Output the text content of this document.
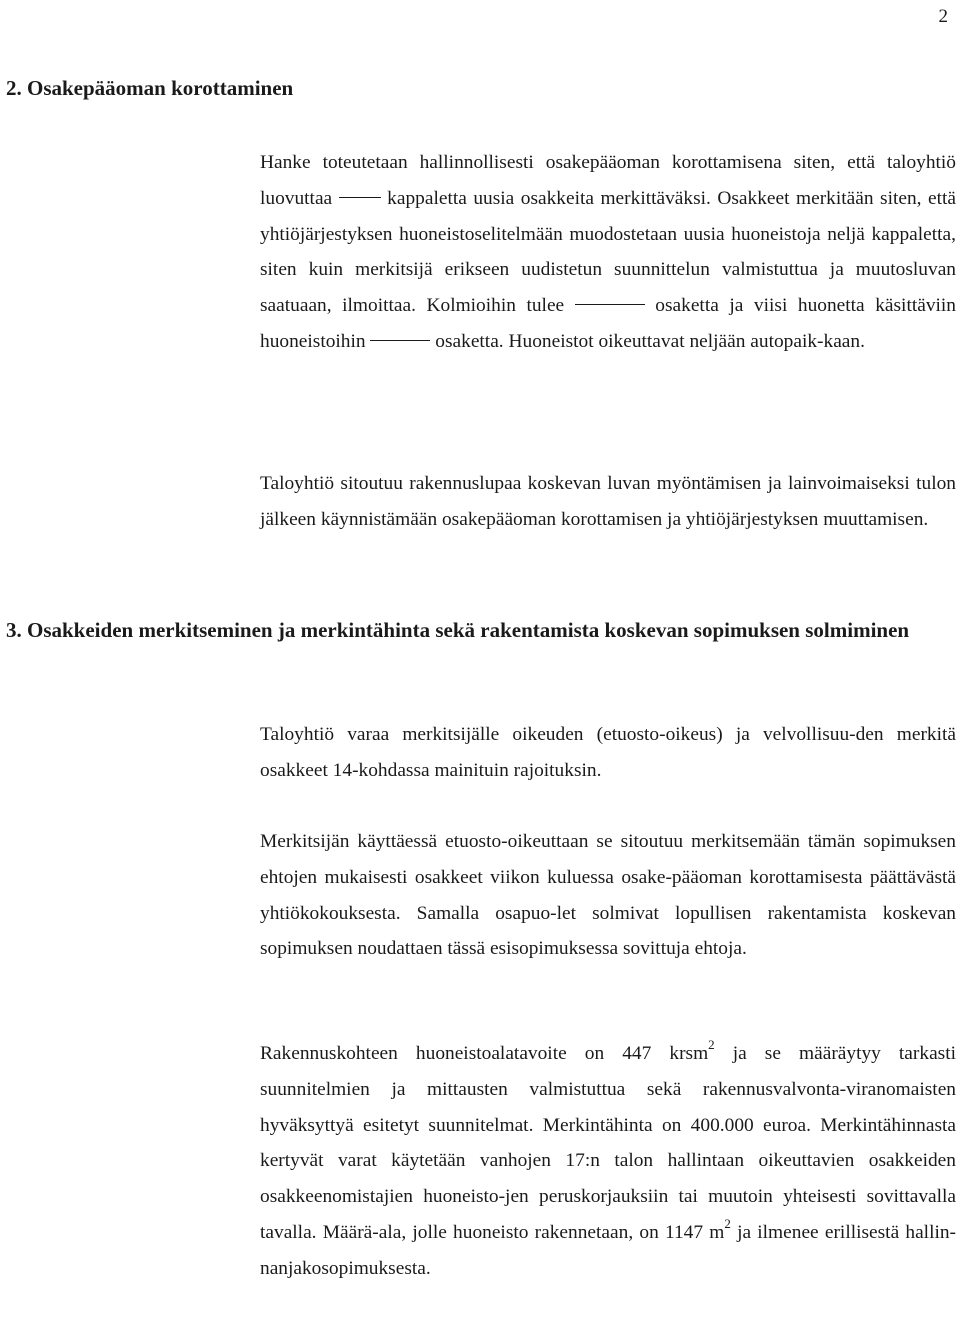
2
2. Osakepääoman korottaminen

Hanke toteutetaan hallinnollisesti osakepääoman korottamisena siten, että taloyhtiö luovuttaa  kappaletta uusia osakkeita merkittäväksi. Osakkeet merkitään siten, että yhtiöjärjestyksen huoneistoselitelmään muodostetaan uusia huoneistoja neljä kappaletta, siten kuin merkitsijä erikseen uudistetun suunnittelun valmistuttua ja muutosluvan saatuaan, ilmoittaa. Kolmioihin tulee	osaketta ja viisi huonetta käsittäviin huoneistoihin	osaketta. Huoneistot oikeuttavat neljään autopaik-kaan.

Taloyhtiö sitoutuu rakennuslupaa koskevan luvan myöntämisen ja lainvoimaiseksi tulon jälkeen käynnistämään osakepääoman korottamisen ja yhtiöjärjestyksen muuttamisen.

3. Osakkeiden merkitseminen ja merkintähinta sekä rakentamista koskevan sopimuksen solmiminen

Taloyhtiö varaa merkitsijälle oikeuden (etuosto-oikeus) ja velvollisuu-den merkitä osakkeet 14-kohdassa mainituin rajoituksin.

Merkitsijän käyttäessä etuosto-oikeuttaan se sitoutuu merkitsemään tämän sopimuksen ehtojen mukaisesti osakkeet viikon kuluessa osake-pääoman korottamisesta päättävästä yhtiökokouksesta. Samalla osapuo-let solmivat lopullisen rakentamista koskevan sopimuksen noudattaen tässä esisopimuksessa sovittuja ehtoja.

Rakennuskohteen huoneistoalatavoite on 447 krsm$^2$ ja se määräytyy tarkasti suunnitelmien ja mittausten valmistuttua sekä rakennusvalvonta-viranomaisten hyväksyttyä esitetyt suunnitelmat. Merkintähinta on 400.000 euroa. Merkintähinnasta kertyvät varat käytetään vanhojen 17:n talon hallintaan oikeuttavien osakkeiden osakkeenomistajien huoneisto-jen peruskorjauksiin tai muutoin yhteisesti sovittavalla tavalla. Määrä-ala, jolle huoneisto rakennetaan, on 1147 $m^2$ ja ilmenee erillisestä hallin-nanjakosopimuksesta.
